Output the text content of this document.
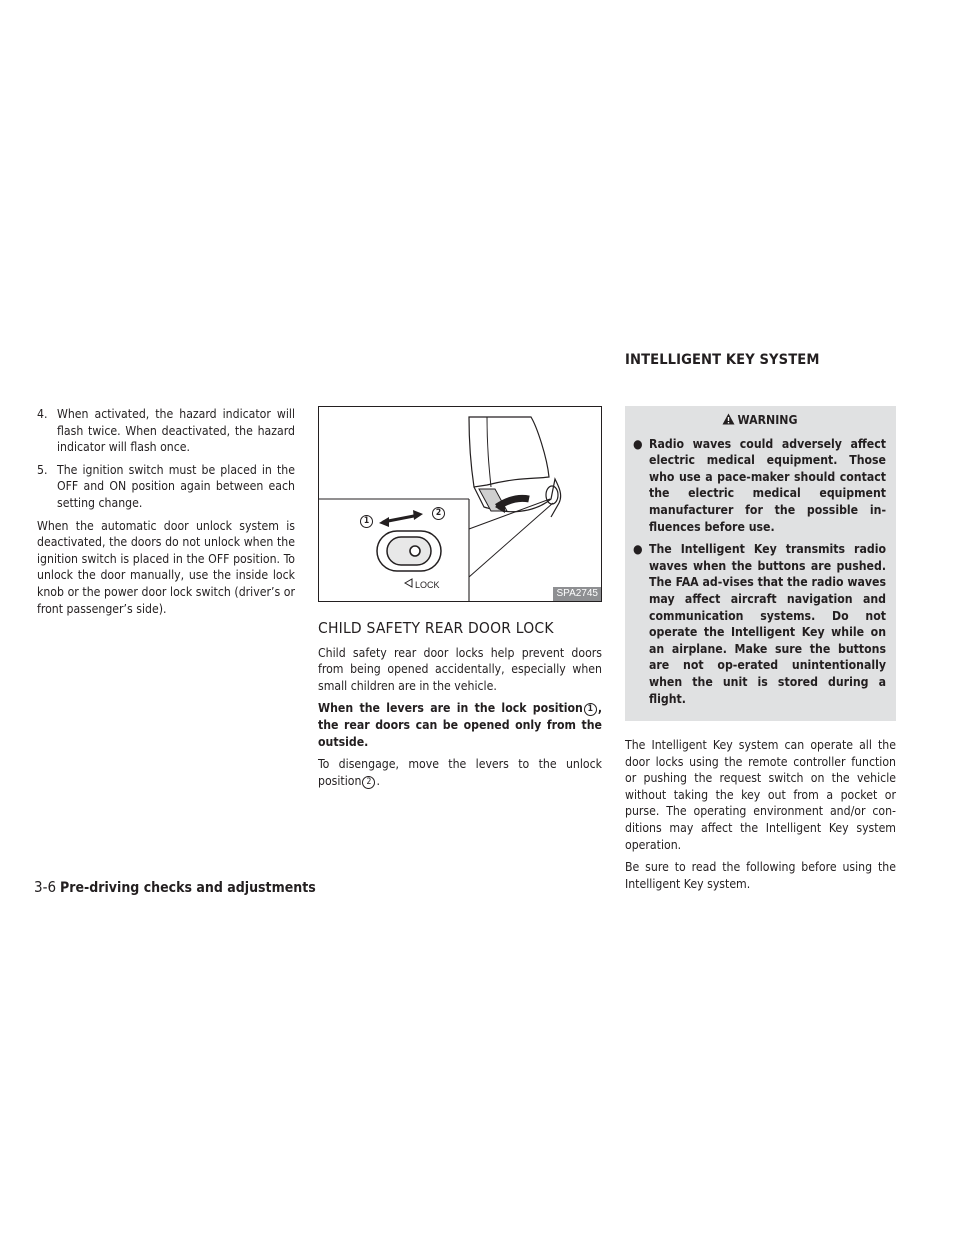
INTELLIGENT KEY SYSTEM
4. When activated, the hazard indicator will flash twice. When deactivated, the hazard indicator will flash once.
5. The ignition switch must be placed in the OFF and ON position again between each setting change.

When the automatic door unlock system is deactivated, the doors do not unlock when the ignition switch is placed in the OFF position. To unlock the door manually, use the inside lock knob or the power door lock switch (driver’s or front passenger’s side).

1
2
LOCK
SPA2745
CHILD SAFETY REAR DOOR LOCK

Child safety rear door locks help prevent doors from being opened accidentally, especially when small children are in the vehicle.

When the levers are in the lock position 1 , the rear doors can be opened only from the outside.

To disengage, move the levers to the unlock position 2 .

WARNING
● Radio waves could adversely affect electric medical equipment. Those who use a pace-maker should contact the electric medical equipment manufacturer for the possible in-fluences before use.
● The Intelligent Key transmits radio waves when the buttons are pushed. The FAA ad-vises that the radio waves may affect aircraft navigation and communication systems. Do not operate the Intelligent Key while on an airplane. Make sure the buttons are not op-erated unintentionally when the unit is stored during a flight.

The Intelligent Key system can operate all the door locks using the remote controller function or pushing the request switch on the vehicle without taking the key out from a pocket or purse. The operating environment and/or con-ditions may affect the Intelligent Key system operation.

Be sure to read the following before using the Intelligent Key system.

3-6 Pre-driving checks and adjustments
